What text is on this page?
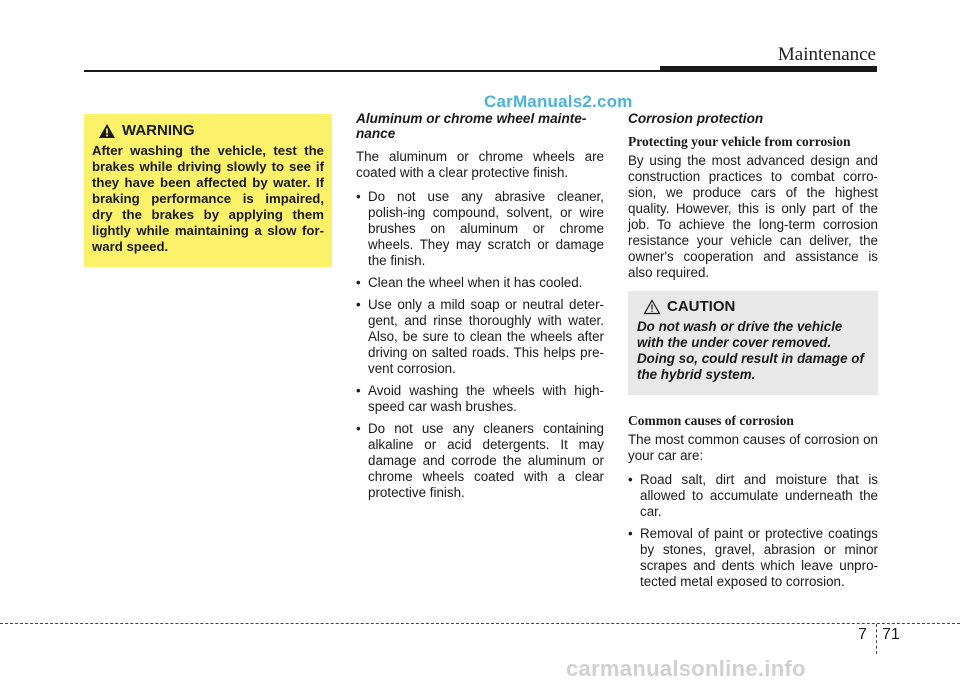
Maintenance
CarManuals2.com
WARNING
After washing the vehicle, test the brakes while driving slowly to see if they have been affected by water. If braking performance is impaired, dry the brakes by applying them lightly while maintaining a slow for-ward speed.
Aluminum or chrome wheel mainte-nance

The aluminum or chrome wheels are coated with a clear protective finish.

• Do not use any abrasive cleaner, polish-ing compound, solvent, or wire brushes on aluminum or chrome wheels. They may scratch or damage the finish.
• Clean the wheel when it has cooled.
• Use only a mild soap or neutral deter-gent, and rinse thoroughly with water. Also, be sure to clean the wheels after driving on salted roads. This helps pre-vent corrosion.
• Avoid washing the wheels with high-speed car wash brushes.
• Do not use any cleaners containing alkaline or acid detergents. It may damage and corrode the aluminum or chrome wheels coated with a clear protective finish.
Corrosion protection
Protecting your vehicle from corrosion

By using the most advanced design and construction practices to combat corro-sion, we produce cars of the highest quality. However, this is only part of the job. To achieve the long-term corrosion resistance your vehicle can deliver, the owner's cooperation and assistance is also required.

CAUTION
Do not wash or drive the vehicle with the under cover removed. Doing so, could result in damage of the hybrid system.
Common causes of corrosion

The most common causes of corrosion on your car are:

• Road salt, dirt and moisture that is allowed to accumulate underneath the car.
• Removal of paint or protective coatings by stones, gravel, abrasion or minor scrapes and dents which leave unpro-tected metal exposed to corrosion.
7 71
carmanualsonline.info
